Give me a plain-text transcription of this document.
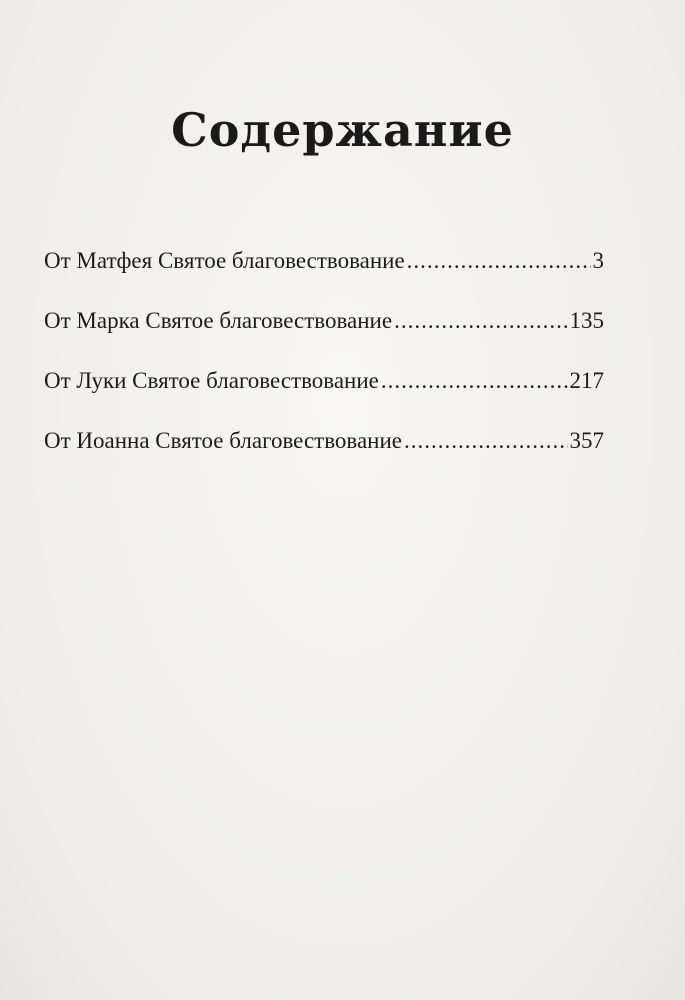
Содержание
От Матфея Святое благовествование .....	3
От Марка Святое благовествование .....	135
От Луки Святое благовествование .....	217
От Иоанна Святое благовествование .....	357
